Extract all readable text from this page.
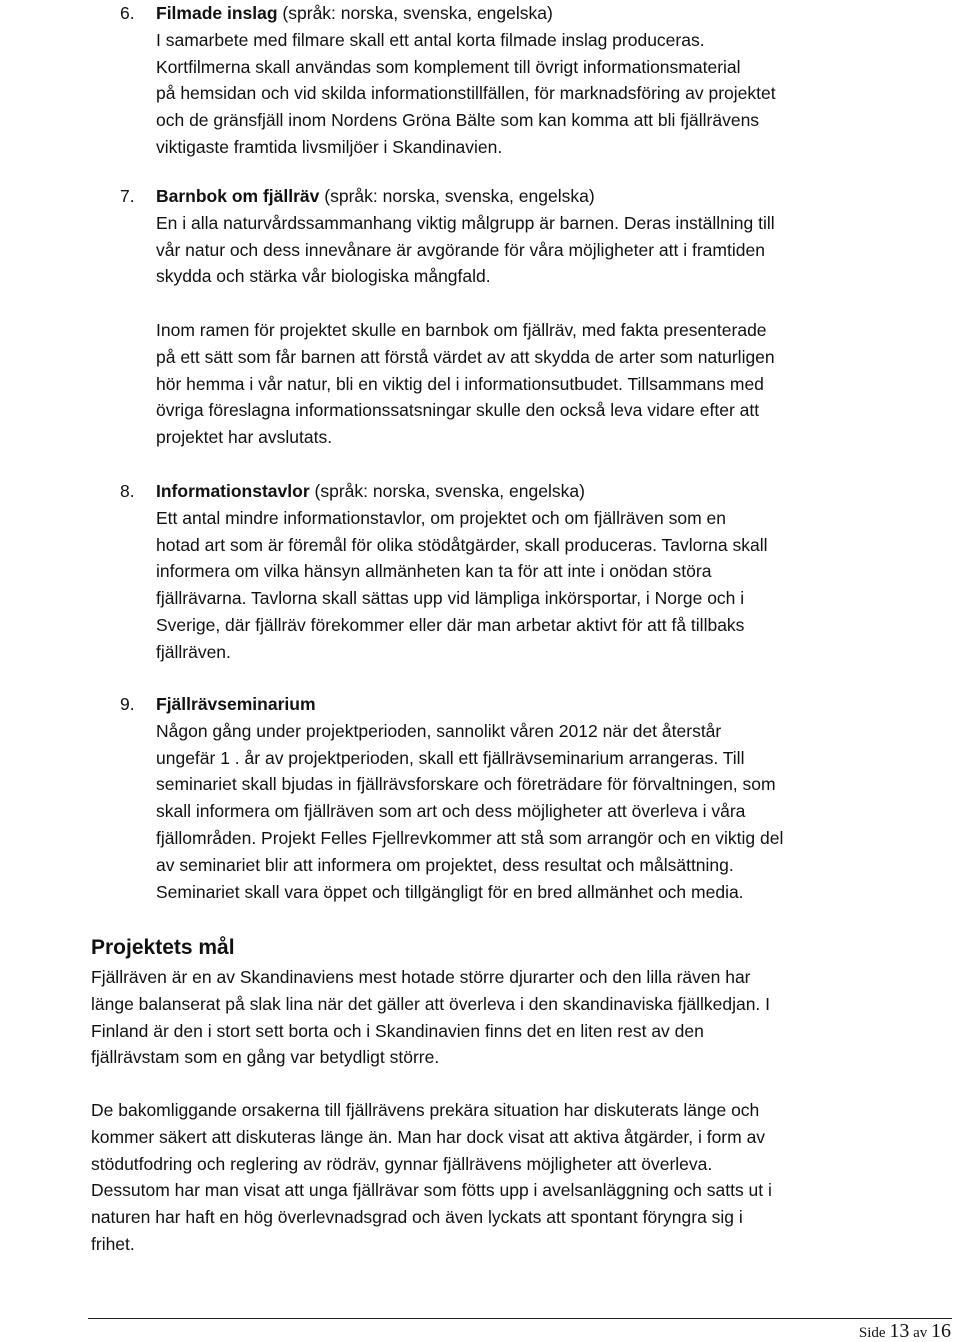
6.	Filmade inslag (språk: norska, svenska, engelska)
I samarbete med filmare skall ett antal korta filmade inslag produceras.
Kortfilmerna skall användas som komplement till övrigt informationsmaterial
på hemsidan och vid skilda informationstillfällen, för marknadsföring av projektet
och de gränsfjäll inom Nordens Gröna Bälte som kan komma att bli fjällrävens
viktigaste framtida livsmiljöer i Skandinavien.
7.	Barnbok om fjällräv (språk: norska, svenska, engelska)
En i alla naturvårdssammanhang viktig målgrupp är barnen. Deras inställning till
vår natur och dess innevånare är avgörande för våra möjligheter att i framtiden
skydda och stärka vår biologiska mångfald.
Inom ramen för projektet skulle en barnbok om fjällräv, med fakta presenterade
på ett sätt som får barnen att förstå värdet av att skydda de arter som naturligen
hör hemma i vår natur, bli en viktig del i informationsutbudet. Tillsammans med
övriga föreslagna informationssatsningar skulle den också leva vidare efter att
projektet har avslutats.
8.	Informationstavlor (språk: norska, svenska, engelska)
Ett antal mindre informationstavlor, om projektet och om fjällräven som en
hotad art som är föremål för olika stödåtgärder, skall produceras. Tavlorna skall
informera om vilka hänsyn allmänheten kan ta för att inte i onödan störa
fjällrävarna. Tavlorna skall sättas upp vid lämpliga inkörsportar, i Norge och i
Sverige, där fjällräv förekommer eller där man arbetar aktivt för att få tillbaks
fjällräven.
9.	Fjällrävseminarium
Någon gång under projektperioden, sannolikt våren 2012 när det återstår
ungefär 1 . år av projektperioden, skall ett fjällrävseminarium arrangeras. Till
seminariet skall bjudas in fjällrävsforskare och företrädare för förvaltningen, som
skall informera om fjällräven som art och dess möjligheter att överleva i våra
fjällområden. Projekt Felles Fjellrevkommer att stå som arrangör och en viktig del
av seminariet blir att informera om projektet, dess resultat och målsättning.
Seminariet skall vara öppet och tillgängligt för en bred allmänhet och media.
Projektets mål
Fjällräven är en av Skandinaviens mest hotade större djurarter och den lilla räven har
länge balanserat på slak lina när det gäller att överleva i den skandinaviska fjällkedjan. I
Finland är den i stort sett borta och i Skandinavien finns det en liten rest av den
fjällrävstam som en gång var betydligt större.
De bakomliggande orsakerna till fjällrävens prekära situation har diskuterats länge och
kommer säkert att diskuteras länge än. Man har dock visat att aktiva åtgärder, i form av
stödutfodring och reglering av rödräv, gynnar fjällrävens möjligheter att överleva.
Dessutom har man visat att unga fjällrävar som fötts upp i avelsanläggning och satts ut i
naturen har haft en hög överlevnadsgrad och även lyckats att spontant föryngra sig i
frihet.
Side 13 av 16
